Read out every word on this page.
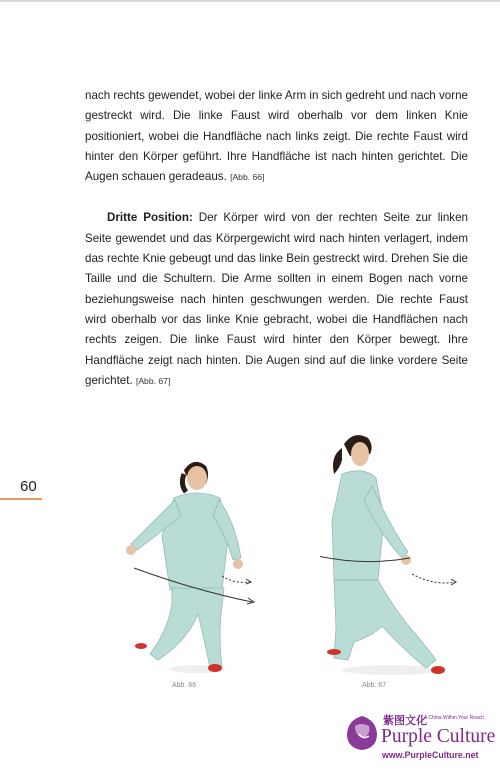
nach rechts gewendet, wobei der linke Arm in sich gedreht und nach vorne gestreckt wird. Die linke Faust wird oberhalb vor dem linken Knie positioniert, wobei die Handfläche nach links zeigt. Die rechte Faust wird hinter den Körper geführt. Ihre Handfläche ist nach hinten gerichtet. Die Augen schauen geradeaus. [Abb. 66]

Dritte Position: Der Körper wird von der rechten Seite zur linken Seite gewendet und das Körpergewicht wird nach hinten verlagert, indem das rechte Knie gebeugt und das linke Bein gestreckt wird. Drehen Sie die Taille und die Schultern. Die Arme sollten in einem Bogen nach vorne beziehungsweise nach hinten geschwungen werden. Die rechte Faust wird oberhalb vor das linke Knie gebracht, wobei die Handflächen nach rechts zeigen. Die linke Faust wird hinter den Körper bewegt. Ihre Handfläche zeigt nach hinten. Die Augen sind auf die linke vordere Seite gerichtet. [Abb. 67]

60
Abb. 66	Abb. 67
紫图文化
A China Within Your Reach
Purple Culture
www.PurpleCulture.net
